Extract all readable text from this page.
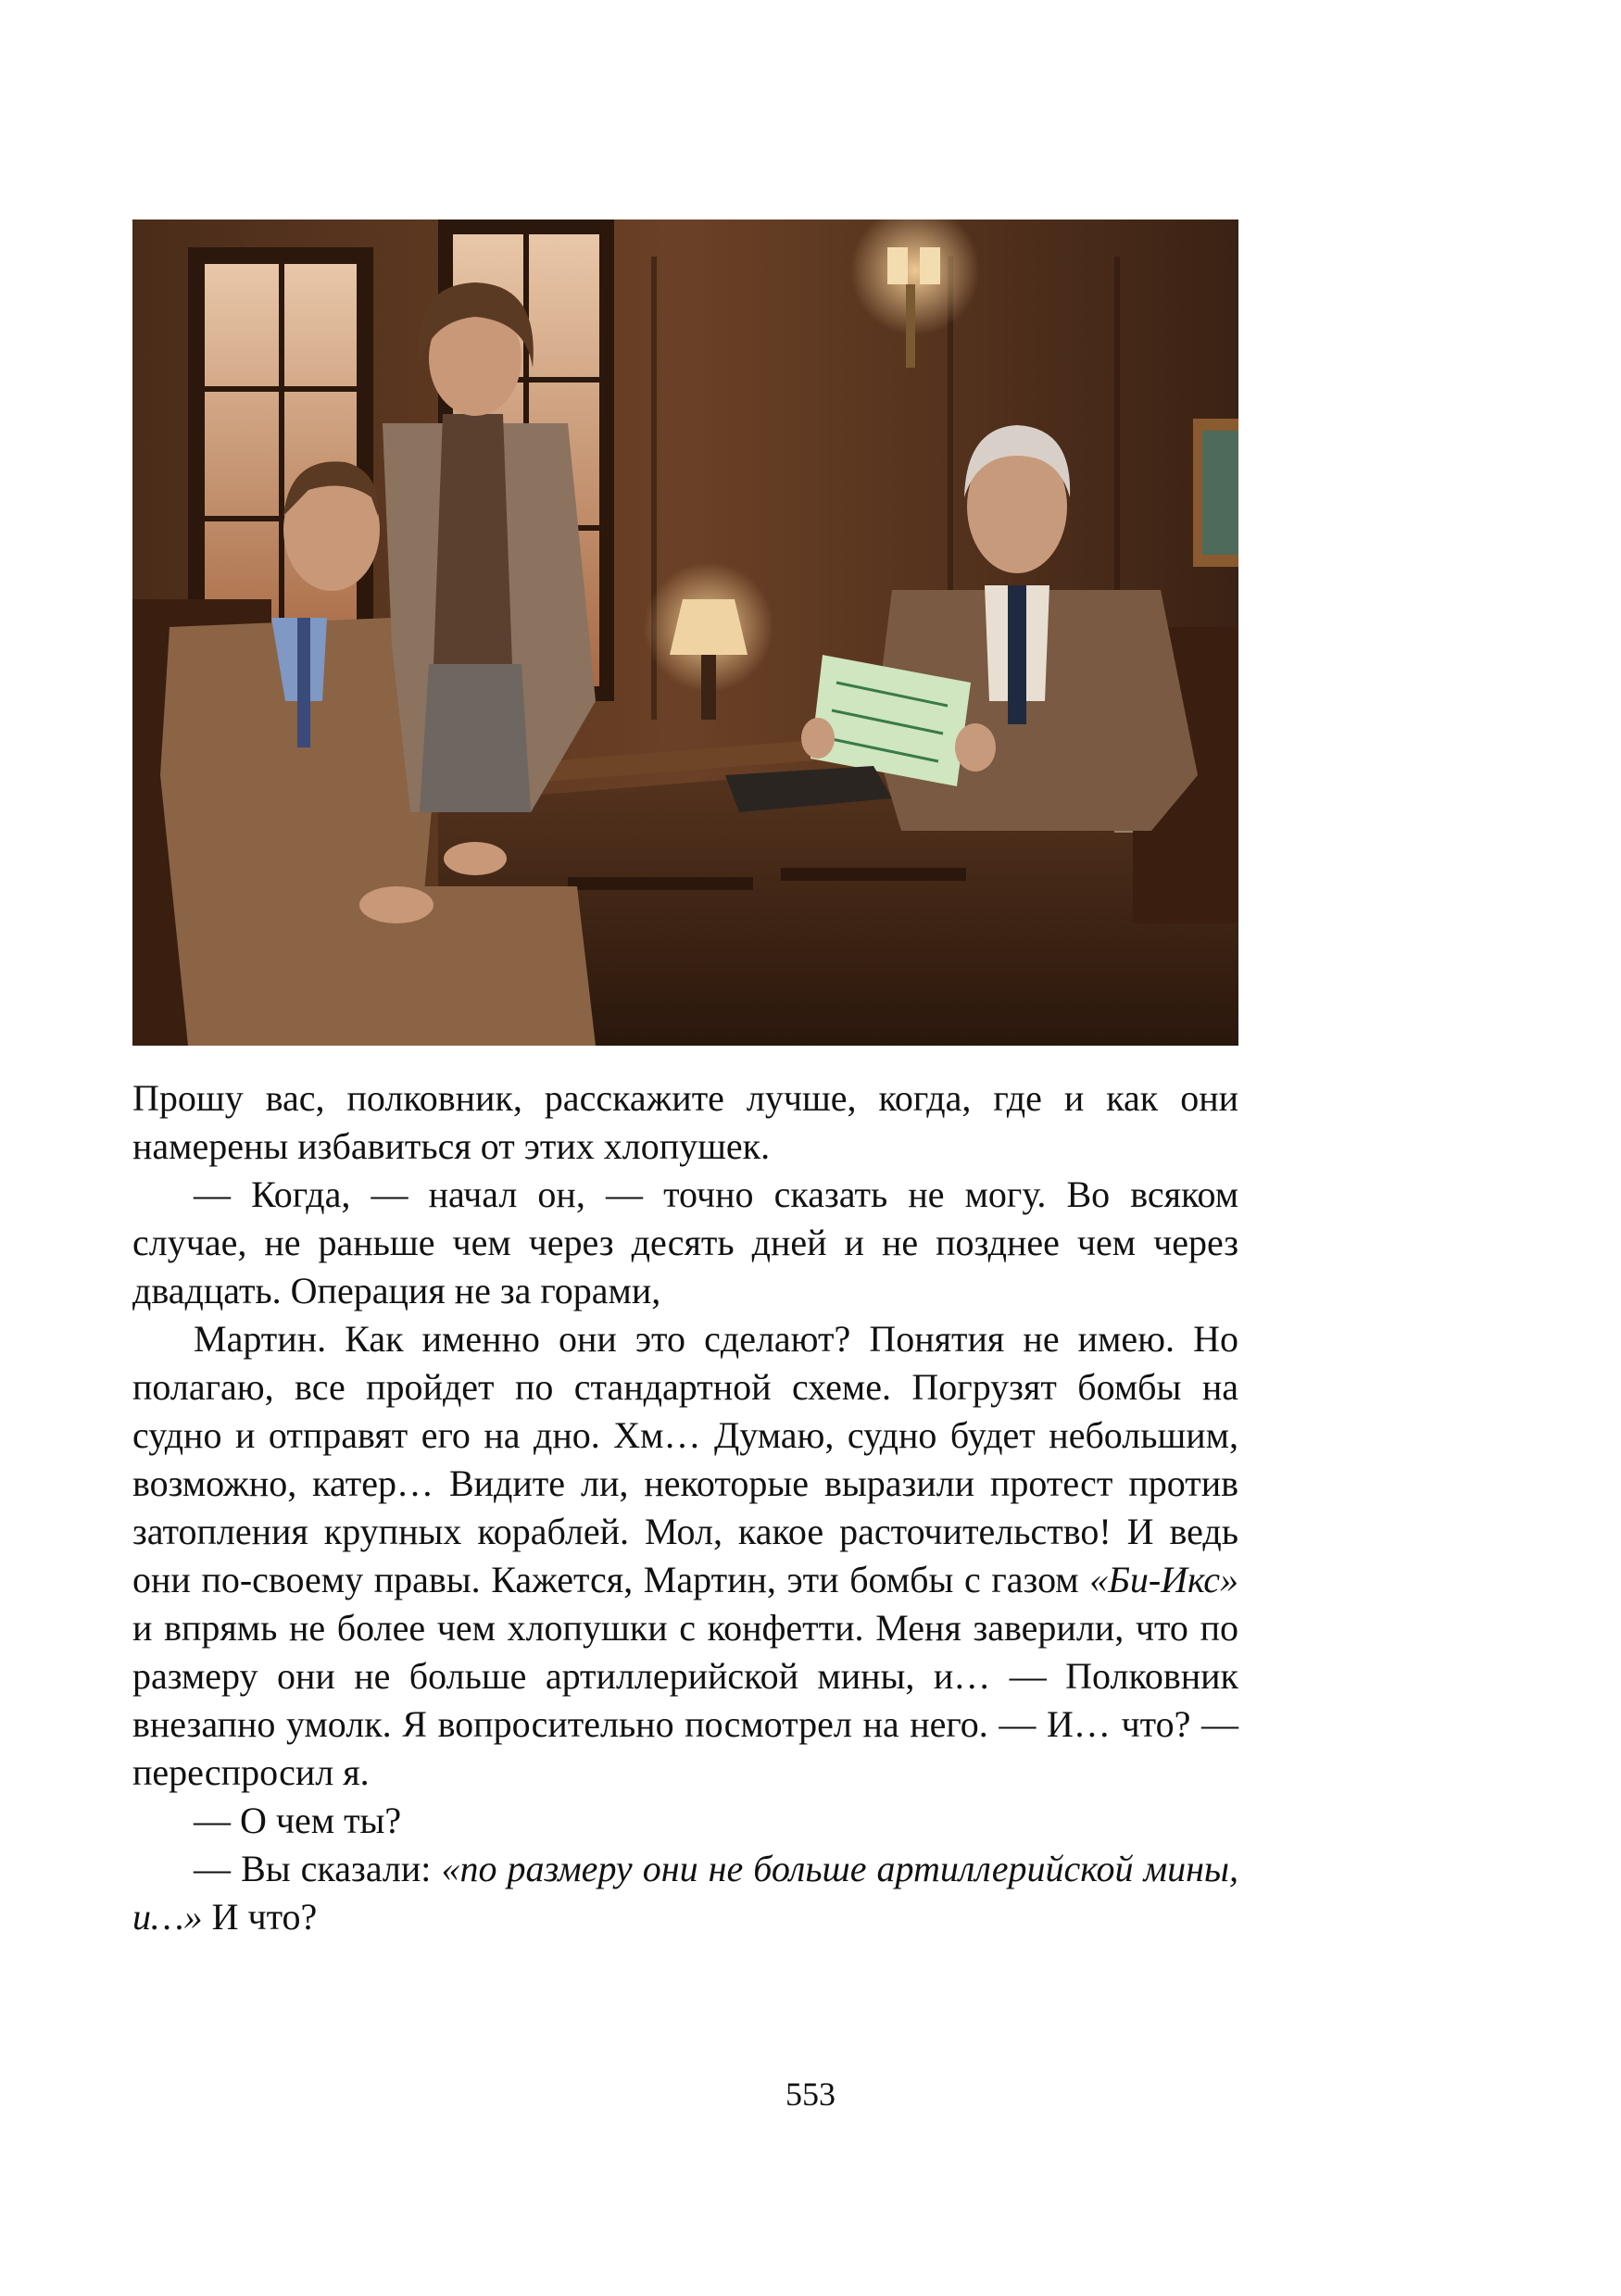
Прошу вас, полковник, расскажите лучше, когда, где и как они намерены избавиться от этих хлопушек.

— Когда, — начал он, — точно сказать не могу. Во всяком случае, не раньше чем через десять дней и не позднее чем через двадцать. Операция не за горами,

Мартин. Как именно они это сделают? Понятия не имею. Но полагаю, все пройдет по стандартной схеме. Погрузят бомбы на судно и отправят его на дно. Хм… Думаю, судно будет небольшим, возможно, катер… Видите ли, некоторые выразили протест против затопления крупных кораблей. Мол, какое расточительство! И ведь они по-своему правы. Кажется, Мартин, эти бомбы с газом «Би-Икс» и впрямь не более чем хлопушки с конфетти. Меня заверили, что по размеру они не больше артиллерийской мины, и… — Полковник внезапно умолк. Я вопросительно посмотрел на него. — И… что? — переспросил я.

— О чем ты?

— Вы сказали: «по размеру они не больше артиллерийской мины, и…» И что?

553
